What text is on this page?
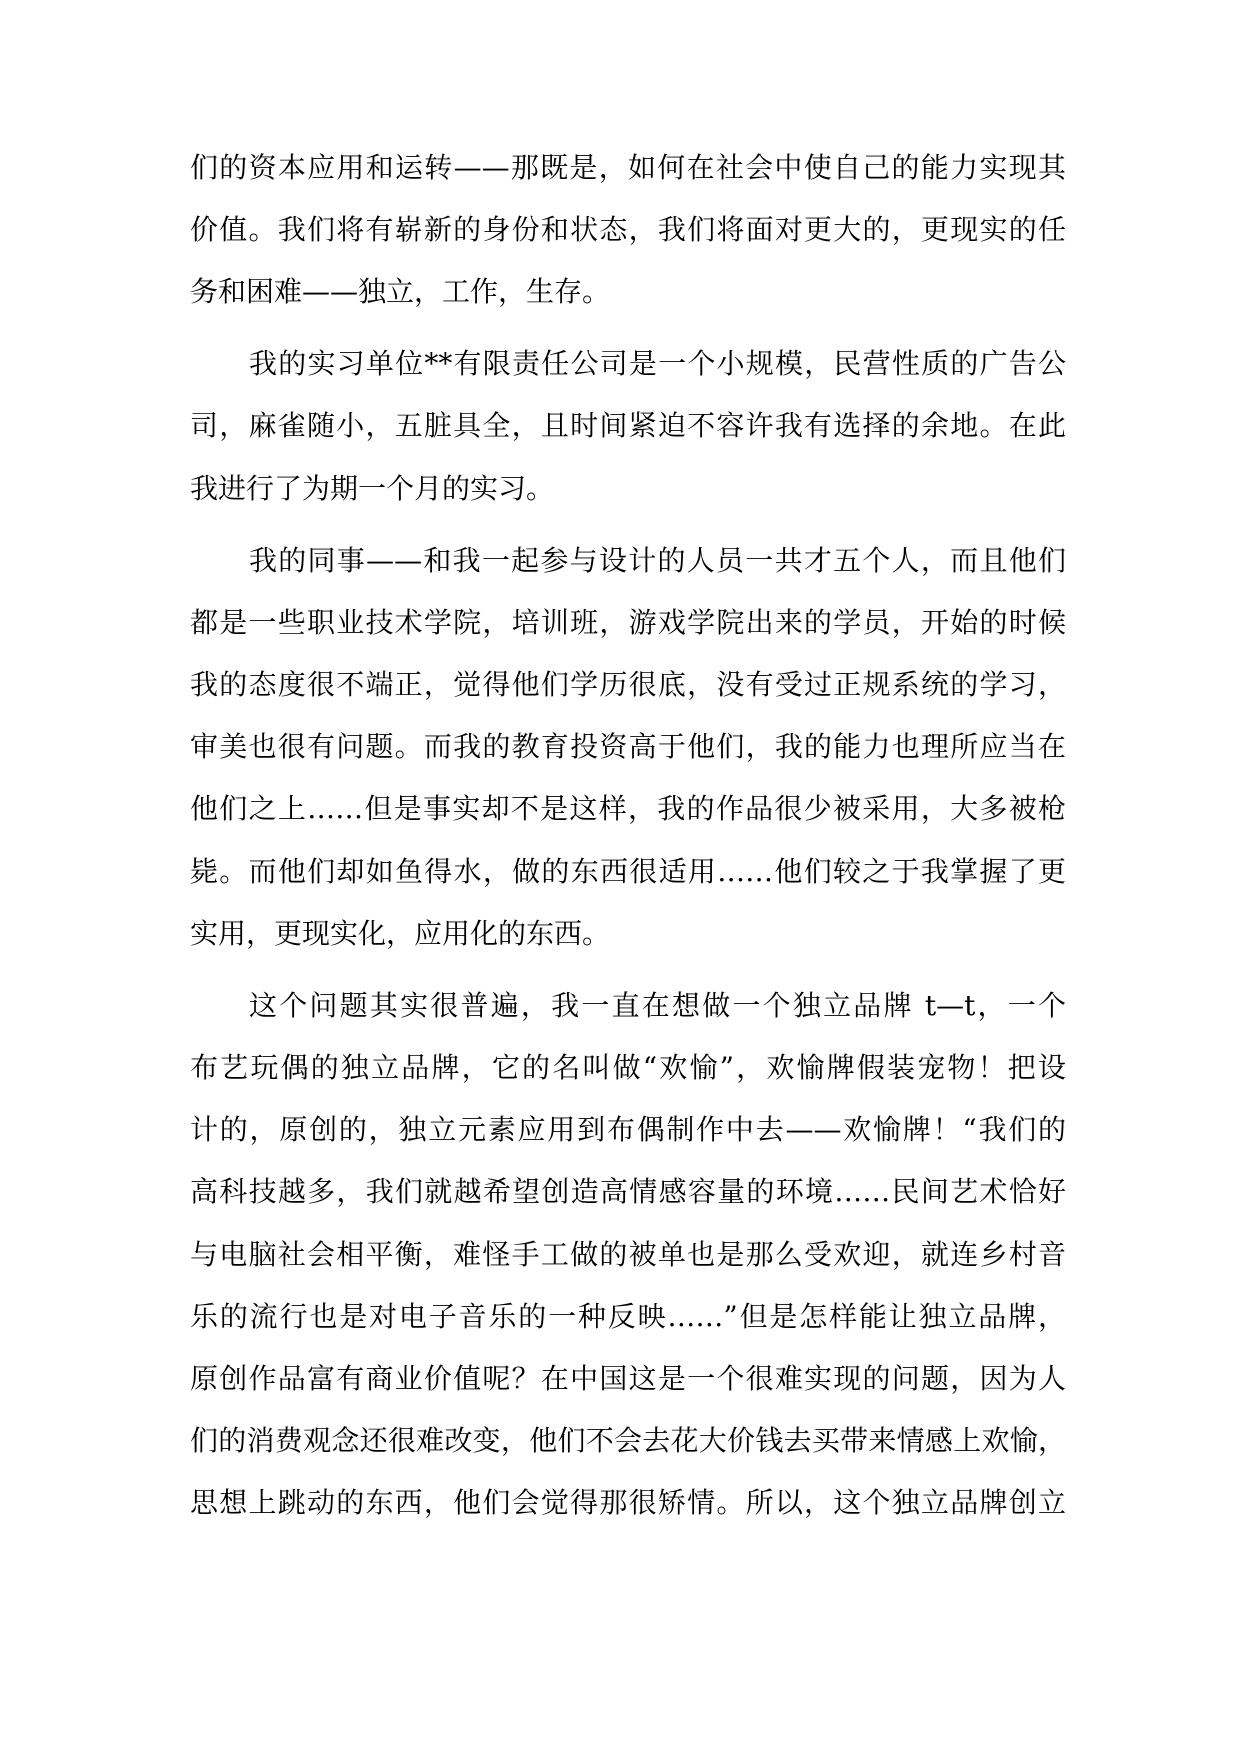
们的资本应用和运转——那既是，如何在社会中使自己的能力实现其
价值。我们将有崭新的身份和状态，我们将面对更大的，更现实的任
务和困难——独立，工作，生存。
我的实习单位**有限责任公司是一个小规模，民营性质的广告公
司，麻雀随小，五脏具全，且时间紧迫不容许我有选择的余地。在此
我进行了为期一个月的实习。
我的同事——和我一起参与设计的人员一共才五个人，而且他们
都是一些职业技术学院，培训班，游戏学院出来的学员，开始的时候
我的态度很不端正，觉得他们学历很底，没有受过正规系统的学习，
审美也很有问题。而我的教育投资高于他们，我的能力也理所应当在
他们之上……但是事实却不是这样，我的作品很少被采用，大多被枪
毙。而他们却如鱼得水，做的东西很适用……他们较之于我掌握了更
实用，更现实化，应用化的东西。
这个问题其实很普遍，我一直在想做一个独立品牌 t—t，一个
布艺玩偶的独立品牌，它的名叫做“欢愉”，欢愉牌假装宠物！把设
计的，原创的，独立元素应用到布偶制作中去——欢愉牌！“我们的
高科技越多，我们就越希望创造高情感容量的环境……民间艺术恰好
与电脑社会相平衡，难怪手工做的被单也是那么受欢迎，就连乡村音
乐的流行也是对电子音乐的一种反映……”但是怎样能让独立品牌，
原创作品富有商业价值呢？在中国这是一个很难实现的问题，因为人
们的消费观念还很难改变，他们不会去花大价钱去买带来情感上欢愉，
思想上跳动的东西，他们会觉得那很矫情。所以，这个独立品牌创立
